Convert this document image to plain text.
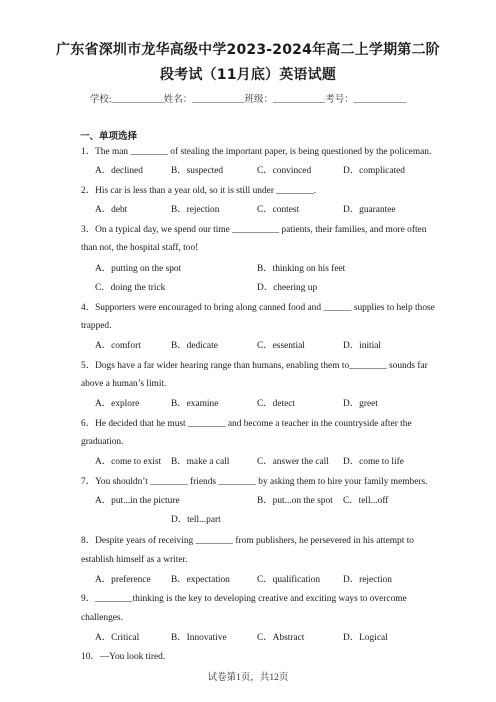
广东省深圳市龙华高级中学2023-2024年高二上学期第二阶
段考试（11月底）英语试题
学校:___________姓名：___________班级：___________考号：___________
一、单项选择
1．The man ________ of stealing the important paper, is being questioned by the policeman.
2．His car is less than a year old, so it is still under ________.
3．On a typical day, we spend our time __________ patients, their families, and more often
than not, the hospital staff, too!
4．Supporters were encouraged to bring along canned food and ______ supplies to help those
trapped.
5．Dogs have a far wider hearing range than humans, enabling them to________ sounds far
above a human’s limit.
6．He decided that he must ________ and become a teacher in the countryside after the
graduation.
7．You shouldn’t ________ friends ________ by asking them to hire your family members.
8．Despite years of receiving ________ from publishers, he persevered in his attempt to
establish himself as a writer.
9．________thinking is the key to developing creative and exciting ways to overcome
challenges.
10．—You look tired.
A．declined	B．suspected	C．convinced	D．complicated
A．debt	B．rejection	C．contest	D．guarantee
A．putting on the spot	B．thinking on his feet
C．doing the trick	D．cheering up
A．comfort	B．dedicate	C．essential	D．initial
A．explore	B．examine	C．detect	D．greet
A．come to exist B．make a call	C．answer the call D．come to life
A．put...in the picture	B．put...on the spot C．tell...off
D．tell...part
A．preference B．expectation	C．qualification D．rejection
A．Critical	B．Innovative	C．Abstract	D．Logical
试卷第1页，共12页
